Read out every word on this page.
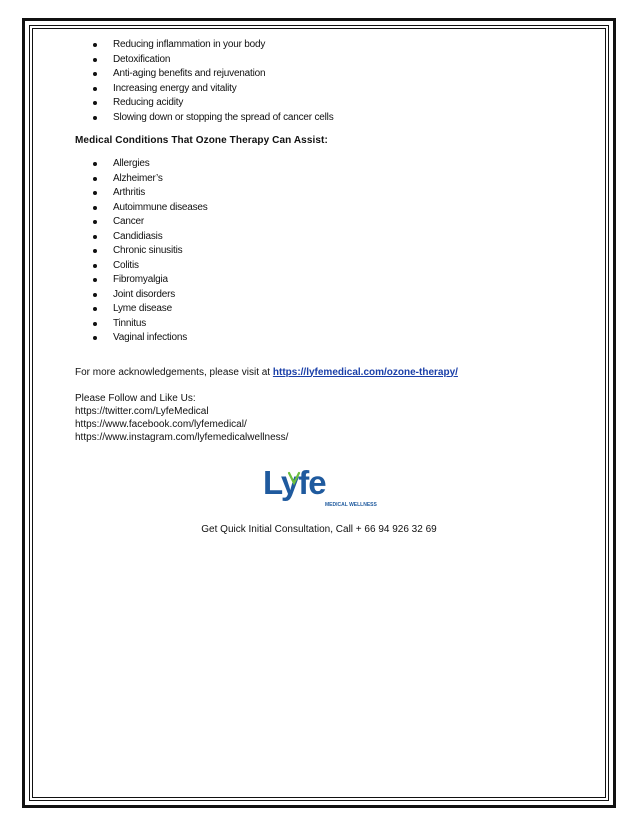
Reducing inflammation in your body
Detoxification
Anti-aging benefits and rejuvenation
Increasing energy and vitality
Reducing acidity
Slowing down or stopping the spread of cancer cells
Medical Conditions That Ozone Therapy Can Assist:
Allergies
Alzheimer’s
Arthritis
Autoimmune diseases
Cancer
Candidiasis
Chronic sinusitis
Colitis
Fibromyalgia
Joint disorders
Lyme disease
Tinnitus
Vaginal infections

For more acknowledgements, please visit at https://lyfemedical.com/ozone-therapy/

Please Follow and Like Us:

https://twitter.com/LyfeMedical

https://www.facebook.com/lyfemedical/

https://www.instagram.com/lyfemedicalwellness/

Lyfe
MEDICAL WELLNESS
Get Quick Initial Consultation, Call + 66 94 926 32 69
